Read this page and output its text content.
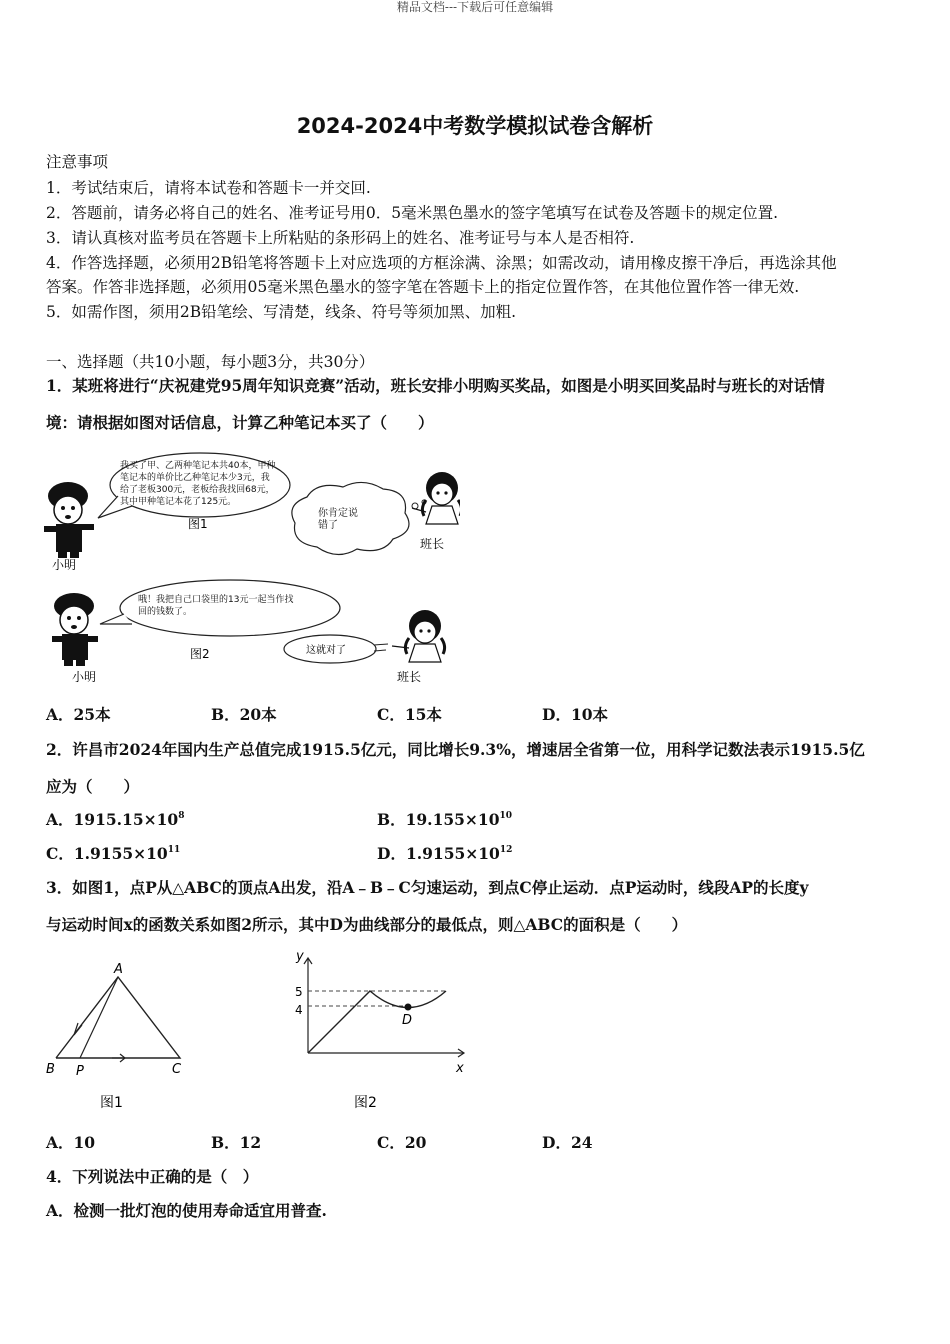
精品文档---下载后可任意编辑
2024-2024中考数学模拟试卷含解析
注意事项
1．考试结束后，请将本试卷和答题卡一并交回.
2．答题前，请务必将自己的姓名、准考证号用0．5毫米黑色墨水的签字笔填写在试卷及答题卡的规定位置.
3．请认真核对监考员在答题卡上所粘贴的条形码上的姓名、准考证号与本人是否相符.
4．作答选择题，必须用2B铅笔将答题卡上对应选项的方框涂满、涂黑；如需改动，请用橡皮擦干净后，再选涂其他
答案。作答非选择题，必须用05毫米黑色墨水的签字笔在答题卡上的指定位置作答，在其他位置作答一律无效.
5．如需作图，须用2B铅笔绘、写清楚，线条、符号等须加黑、加粗.
一、选择题（共10小题，每小题3分，共30分）
1．某班将进行“庆祝建党95周年知识竞赛”活动，班长安排小明购买奖品，如图是小明买回奖品时与班长的对话情
境：请根据如图对话信息，计算乙种笔记本买了（　　）
我买了甲、乙两种笔记本共40本，甲种笔记本的单价比乙种笔记本少3元，我给了老板300元，老板给我找回68元，其中甲种笔记本花了125元。
图1
你肯定说错了
小明
班长
哦！我把自己口袋里的13元一起当作找回的钱数了。
图2	这就对了
小明	班长
A．25本	B．20本	C．15本	D．10本
2．许昌市2024年国内生产总值完成1915.5亿元，同比增长9.3%，增速居全省第一位，用科学记数法表示1915.5亿
应为（　　）
A．$1915.15\times 10^8$	B．$19.155\times 10^{10}$
C．$1.9155\times 10^{11}$	D．$1.9155\times 10^{12}$
3．如图1，点P从△ABC的顶点A出发，沿A﹣B﹣C匀速运动，到点C停止运动．点P运动时，线段AP的长度y
与运动时间x的函数关系如图2所示，其中D为曲线部分的最低点，则△ABC的面积是（　　）
A
B P	C
图1
y
x
5
4
D
图2
A．10	B．12	C．20	D．24
4．下列说法中正确的是（　）
A．检测一批灯泡的使用寿命适宜用普查.
